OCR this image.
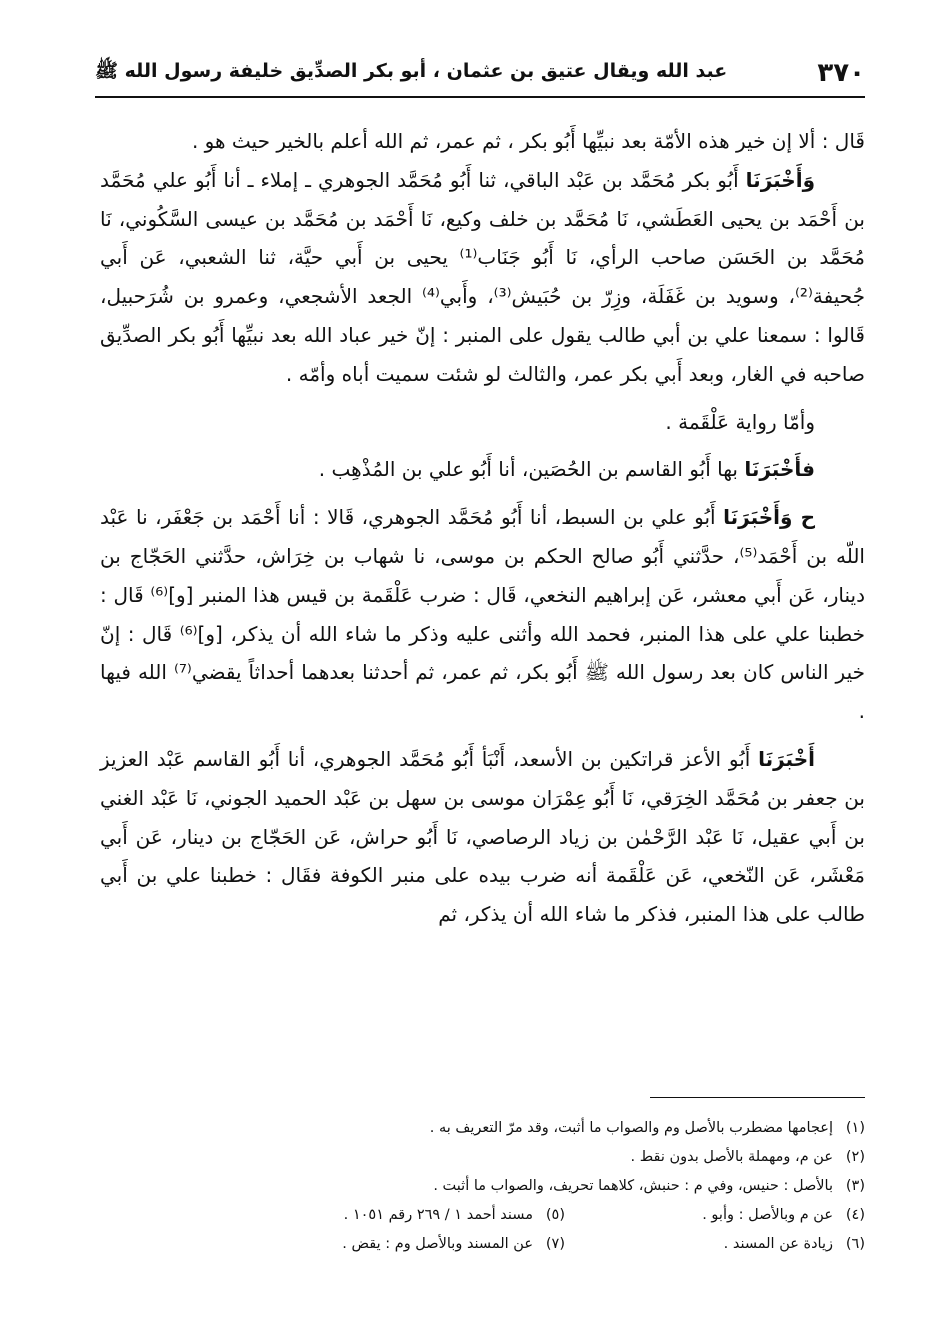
٣٧٠
عبد الله ويقال عتيق بن عثمان ، أبو بكر الصدِّيق خليفة رسول الله ﷺ

قَال : ألا إن خير هذه الأمّة بعد نبيِّها أَبُو بكر ، ثم عمر، ثم الله أعلم بالخير حيث هو .

وَأَخْبَرَنَا أَبُو بكر مُحَمَّد بن عَبْد الباقي، ثنا أَبُو مُحَمَّد الجوهري ـ إملاء ـ أنا أَبُو علي مُحَمَّد بن أَحْمَد بن يحيى العَطَشي، نَا مُحَمَّد بن خلف وكيع، نَا أَحْمَد بن مُحَمَّد بن عيسى السَّكُوني، نَا مُحَمَّد بن الحَسَن صاحب الرأي، نَا أَبُو جَنَاب⁽¹⁾ يحيى بن أَبي حيَّة، ثنا الشعبي، عَن أَبي جُحيفة⁽²⁾، وسويد بن غَفَلَة، وزِرّ بن حُبَيش⁽³⁾، وأَبي⁽⁴⁾ الجعد الأشجعي، وعمرو بن شُرَحبيل، قَالوا : سمعنا علي بن أبي طالب يقول على المنبر : إنّ خير عباد الله بعد نبيِّها أَبُو بكر الصدِّيق صاحبه في الغار، وبعد أَبي بكر عمر، والثالث لو شئت سميت أباه وأمّه .

وأمّا رواية عَلْقَمة .

فأَخْبَرَنَا بها أَبُو القاسم بن الحُصَين، أنا أَبُو علي بن المُذْهِب .

ح وَأَخْبَرَنَا أَبُو علي بن السبط، أنا أَبُو مُحَمَّد الجوهري، قَالا : أنا أَحْمَد بن جَعْفَر، نا عَبْد اللّه بن أَحْمَد⁽⁵⁾، حدَّثني أَبُو صالح الحكم بن موسى، نا شهاب بن خِرَاش، حدَّثني الحَجّاج بن دينار، عَن أَبي معشر، عَن إبراهيم النخعي، قَال : ضرب عَلْقَمة بن قيس هذا المنبر [و]⁽⁶⁾ قَال : خطبنا علي على هذا المنبر، فحمد الله وأثنى عليه وذكر ما شاء الله أن يذكر، [و]⁽⁶⁾ قَال : إنّ خير الناس كان بعد رسول الله ﷺ أَبُو بكر، ثم عمر، ثم أحدثنا بعدهما أحداثاً يقضي⁽⁷⁾ الله فيها .

أَخْبَرَنَا أَبُو الأعز قراتكين بن الأسعد، أَنْبَأ أَبُو مُحَمَّد الجوهري، أنا أَبُو القاسم عَبْد العزيز بن جعفر بن مُحَمَّد الخِرَقي، نَا أَبُو عِمْرَان موسى بن سهل بن عَبْد الحميد الجوني، نَا عَبْد الغني بن أَبي عقيل، نَا عَبْد الرَّحْمٰن بن زياد الرصاصي، نَا أَبُو حراش، عَن الحَجّاج بن دينار، عَن أَبي مَعْشَر، عَن النّخعي، عَن عَلْقَمة أنه ضرب بيده على منبر الكوفة فقَال : خطبنا علي بن أَبي طالب على هذا المنبر، فذكر ما شاء الله أن يذكر، ثم

(١)إعجامها مضطرب بالأصل وم والصواب ما أثبت، وقد مرّ التعريف به .
(٢)عن م، ومهملة بالأصل بدون نقط .
(٣)بالأصل : حنيس، وفي م : حنبش، كلاهما تحريف، والصواب ما أثبت .
(٤)عن م وبالأصل : وأبو .
(٥)مسند أحمد ١ / ٢٦٩ رقم ١٠٥١ .
(٦)زيادة عن المسند .
(٧)عن المسند وبالأصل وم : يقض .
